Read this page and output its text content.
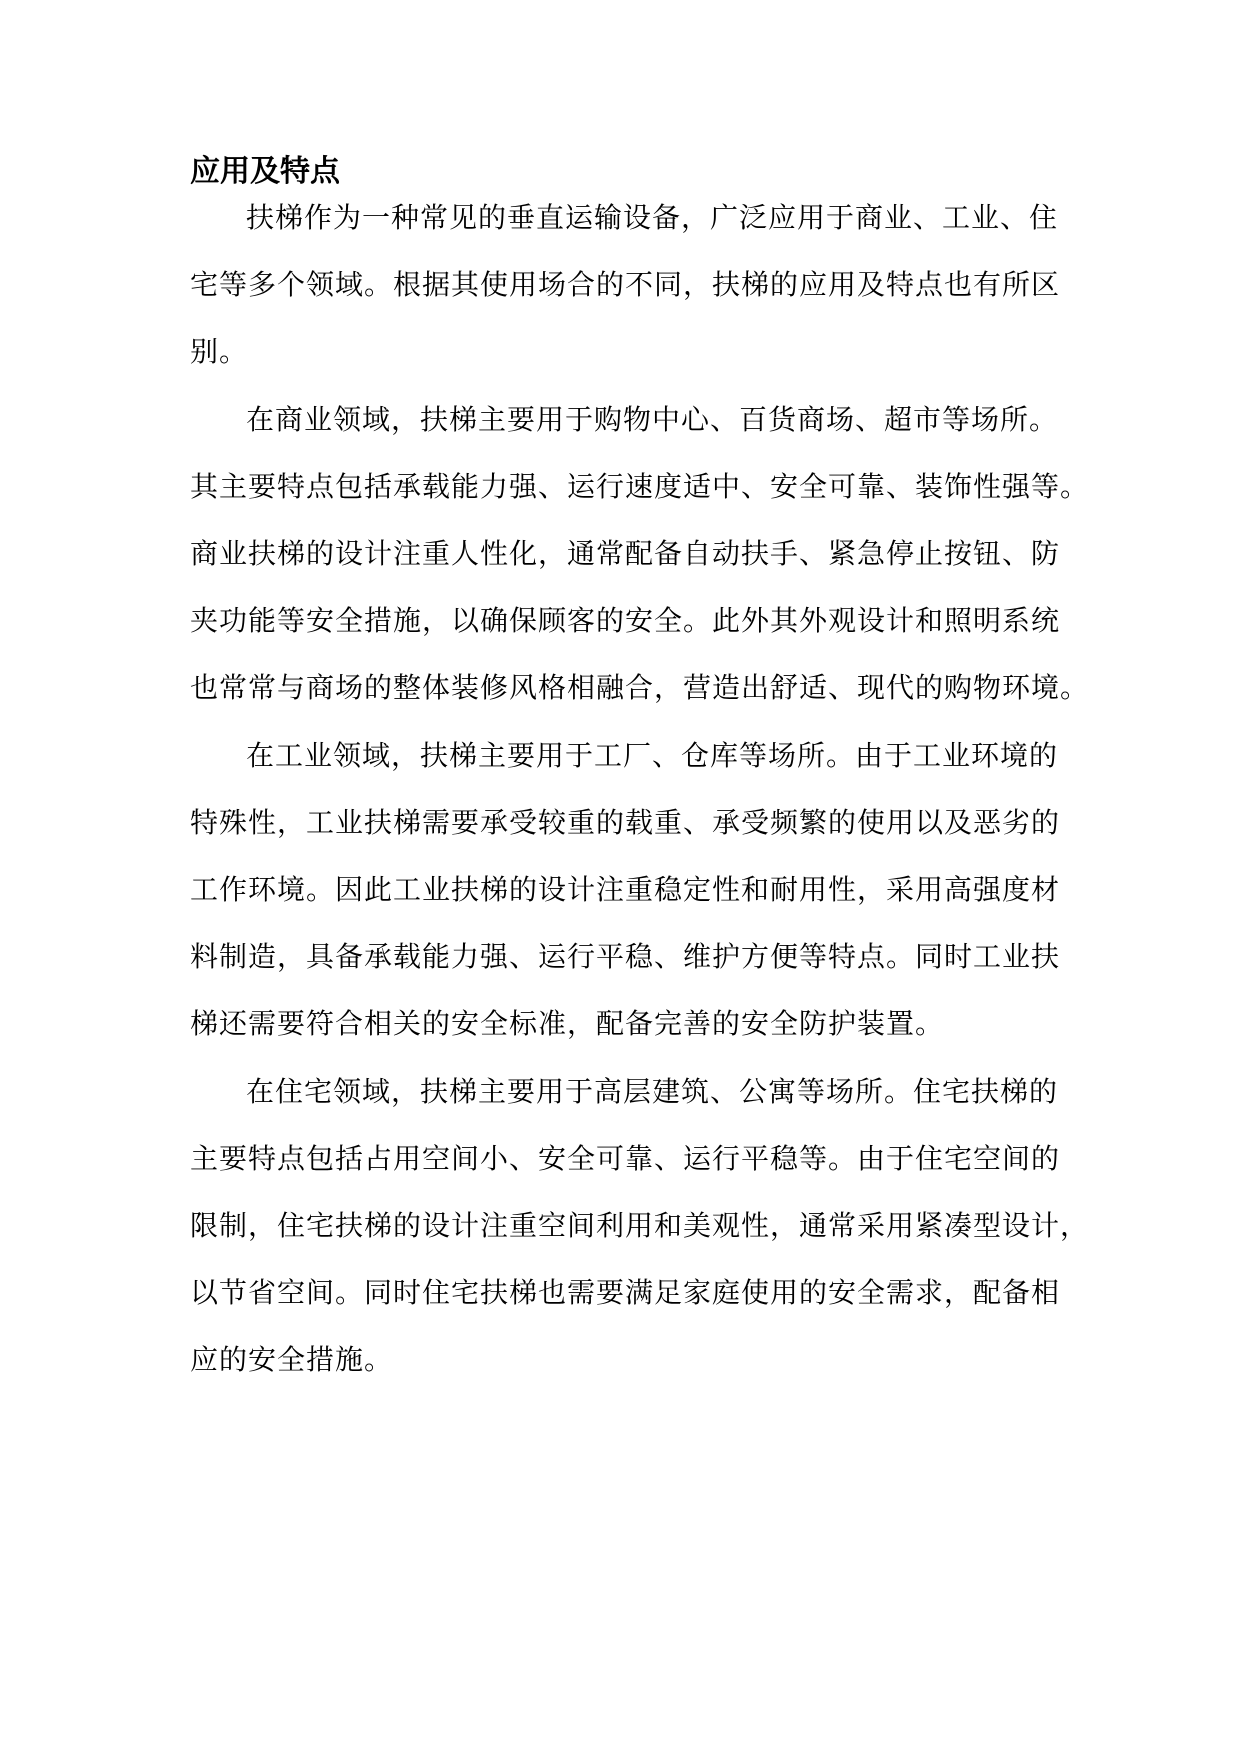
应用及特点

扶梯作为一种常见的垂直运输设备，广泛应用于商业、工业、住

宅等多个领域。根据其使用场合的不同，扶梯的应用及特点也有所区

别。

在商业领域，扶梯主要用于购物中心、百货商场、超市等场所。

其主要特点包括承载能力强、运行速度适中、安全可靠、装饰性强等。

商业扶梯的设计注重人性化，通常配备自动扶手、紧急停止按钮、防

夹功能等安全措施，以确保顾客的安全。此外其外观设计和照明系统

也常常与商场的整体装修风格相融合，营造出舒适、现代的购物环境。

在工业领域，扶梯主要用于工厂、仓库等场所。由于工业环境的

特殊性，工业扶梯需要承受较重的载重、承受频繁的使用以及恶劣的

工作环境。因此工业扶梯的设计注重稳定性和耐用性，采用高强度材

料制造，具备承载能力强、运行平稳、维护方便等特点。同时工业扶

梯还需要符合相关的安全标准，配备完善的安全防护装置。

在住宅领域，扶梯主要用于高层建筑、公寓等场所。住宅扶梯的

主要特点包括占用空间小、安全可靠、运行平稳等。由于住宅空间的

限制，住宅扶梯的设计注重空间利用和美观性，通常采用紧凑型设计，

以节省空间。同时住宅扶梯也需要满足家庭使用的安全需求，配备相

应的安全措施。
